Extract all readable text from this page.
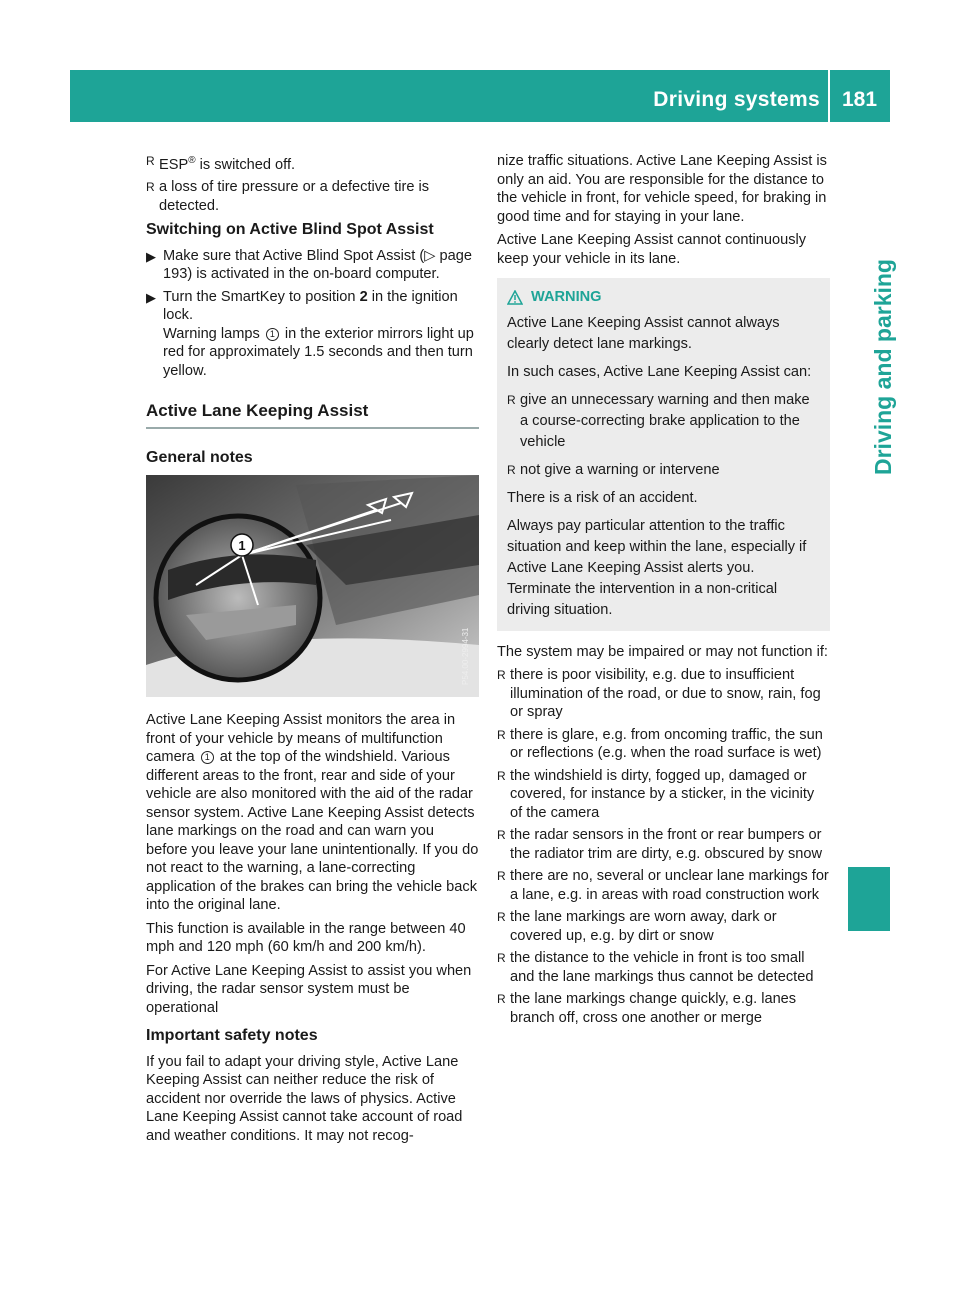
Driving systems 181
Driving and parking
R ESP® is switched off.
R a loss of tire pressure or a defective tire is detected.
Switching on Active Blind Spot Assist
▶ Make sure that Active Blind Spot Assist (▷ page 193) is activated in the on-board computer.
▶ Turn the SmartKey to position 2 in the ignition lock.
Warning lamps 1 in the exterior mirrors light up red for approximately 1.5 seconds and then turn yellow.
Active Lane Keeping Assist
General notes
1
P54.00-2994-31

Active Lane Keeping Assist monitors the area in front of your vehicle by means of multifunction camera 1 at the top of the windshield. Various different areas to the front, rear and side of your vehicle are also monitored with the aid of the radar sensor system. Active Lane Keeping Assist detects lane markings on the road and can warn you before you leave your lane unintentionally. If you do not react to the warning, a lane-correcting application of the brakes can bring the vehicle back into the original lane.

This function is available in the range between 40 mph and 120 mph (60 km/h and 200 km/h).

For Active Lane Keeping Assist to assist you when driving, the radar sensor system must be operational

Important safety notes

If you fail to adapt your driving style, Active Lane Keeping Assist can neither reduce the risk of accident nor override the laws of physics. Active Lane Keeping Assist cannot take account of road and weather conditions. It may not recog-

nize traffic situations. Active Lane Keeping Assist is only an aid. You are responsible for the distance to the vehicle in front, for vehicle speed, for braking in good time and for staying in your lane.

Active Lane Keeping Assist cannot continuously keep your vehicle in its lane.

WARNING

Active Lane Keeping Assist cannot always clearly detect lane markings.

In such cases, Active Lane Keeping Assist can:

R give an unnecessary warning and then make a course-correcting brake application to the vehicle
R not give a warning or intervene

There is a risk of an accident.

Always pay particular attention to the traffic situation and keep within the lane, especially if Active Lane Keeping Assist alerts you. Terminate the intervention in a non-critical driving situation.

The system may be impaired or may not function if:

R there is poor visibility, e.g. due to insufficient illumination of the road, or due to snow, rain, fog or spray
R there is glare, e.g. from oncoming traffic, the sun or reflections (e.g. when the road surface is wet)
R the windshield is dirty, fogged up, damaged or covered, for instance by a sticker, in the vicinity of the camera
R the radar sensors in the front or rear bumpers or the radiator trim are dirty, e.g. obscured by snow
R there are no, several or unclear lane markings for a lane, e.g. in areas with road construction work
R the lane markings are worn away, dark or covered up, e.g. by dirt or snow
R the distance to the vehicle in front is too small and the lane markings thus cannot be detected
R the lane markings change quickly, e.g. lanes branch off, cross one another or merge
